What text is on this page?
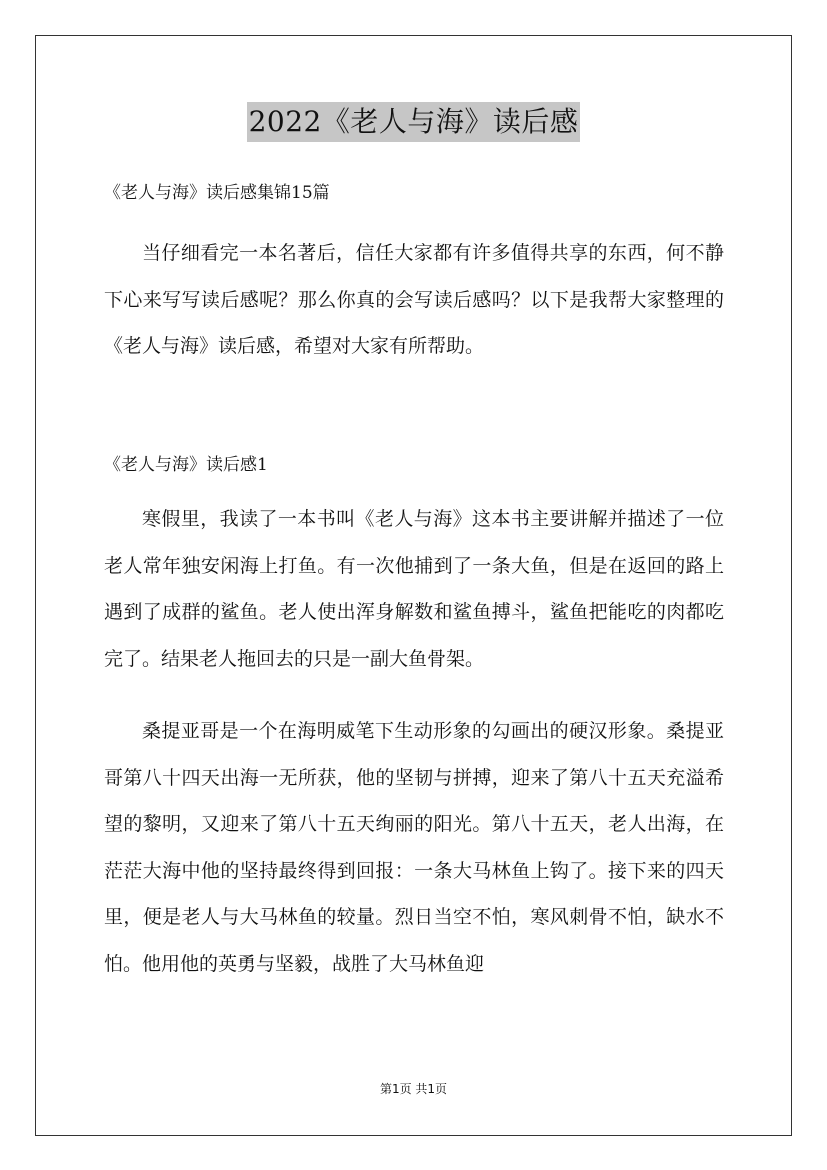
2022《老人与海》读后感
《老人与海》读后感集锦15篇

当仔细看完一本名著后，信任大家都有许多值得共享的东西，何不静下心来写写读后感呢？那么你真的会写读后感吗？以下是我帮大家整理的《老人与海》读后感，希望对大家有所帮助。

《老人与海》读后感1

寒假里，我读了一本书叫《老人与海》这本书主要讲解并描述了一位老人常年独安闲海上打鱼。有一次他捕到了一条大鱼，但是在返回的路上遇到了成群的鲨鱼。老人使出浑身解数和鲨鱼搏斗，鲨鱼把能吃的肉都吃完了。结果老人拖回去的只是一副大鱼骨架。

桑提亚哥是一个在海明威笔下生动形象的勾画出的硬汉形象。桑提亚哥第八十四天出海一无所获，他的坚韧与拼搏，迎来了第八十五天充溢希望的黎明，又迎来了第八十五天绚丽的阳光。第八十五天，老人出海，在茫茫大海中他的坚持最终得到回报：一条大马林鱼上钩了。接下来的四天里，便是老人与大马林鱼的较量。烈日当空不怕，寒风刺骨不怕，缺水不怕。他用他的英勇与坚毅，战胜了大马林鱼迎

第1页 共1页
